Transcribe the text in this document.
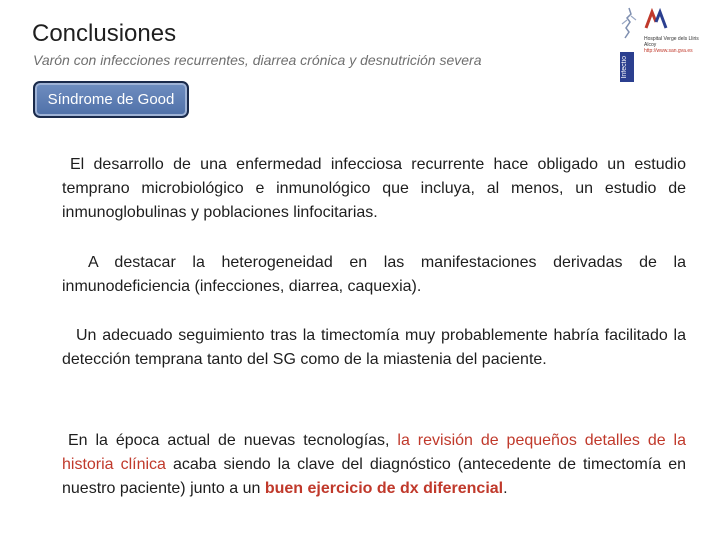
Conclusiones
Varón con infecciones recurrentes, diarrea crónica y desnutrición severa
Hospital Verge dels Lliris
Alcoy
http://www.san.gva.es
Infectio
Síndrome de Good
El desarrollo de una enfermedad infecciosa recurrente hace obligado un estudio temprano microbiológico e inmunológico que incluya, al menos, un estudio de inmunoglobulinas y poblaciones linfocitarias.
A destacar la heterogeneidad en las manifestaciones derivadas de la inmunodeficiencia (infecciones, diarrea, caquexia).
Un adecuado seguimiento tras la timectomía muy probablemente habría facilitado la detección temprana tanto del SG como de la miastenia del paciente.
En la época actual de nuevas tecnologías, la revisión de pequeños detalles de la historia clínica acaba siendo la clave del diagnóstico (antecedente de timectomía en nuestro paciente) junto a un buen ejercicio de dx diferencial.
